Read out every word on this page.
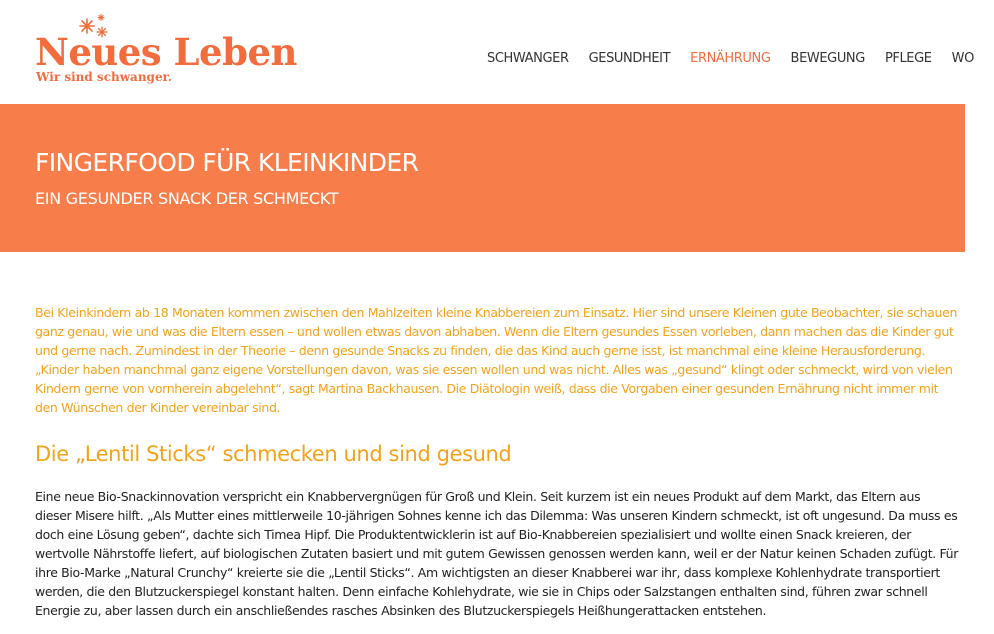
Neues Leben
Wir sind schwanger.
SCHWANGER GESUNDHEIT ERNÄHRUNG BEWEGUNG PFLEGE WO
FINGERFOOD FÜR KLEINKINDER
EIN GESUNDER SNACK DER SCHMECKT

Bei Kleinkindern ab 18 Monaten kommen zwischen den Mahlzeiten kleine Knabbereien zum Einsatz. Hier sind unsere Kleinen gute Beobachter, sie schauen ganz genau, wie und was die Eltern essen – und wollen etwas davon abhaben. Wenn die Eltern gesundes Essen vorleben, dann machen das die Kinder gut und gerne nach. Zumindest in der Theorie – denn gesunde Snacks zu finden, die das Kind auch gerne isst, ist manchmal eine kleine Herausforderung. „Kinder haben manchmal ganz eigene Vorstellungen davon, was sie essen wollen und was nicht. Alles was „gesund“ klingt oder schmeckt, wird von vielen Kindern gerne von vornherein abgelehnt“, sagt Martina Backhausen. Die Diätologin weiß, dass die Vorgaben einer gesunden Ernährung nicht immer mit den Wünschen der Kinder vereinbar sind.

Die „Lentil Sticks“ schmecken und sind gesund

Eine neue Bio-Snackinnovation verspricht ein Knabbervergnügen für Groß und Klein. Seit kurzem ist ein neues Produkt auf dem Markt, das Eltern aus dieser Misere hilft. „Als Mutter eines mittlerweile 10-jährigen Sohnes kenne ich das Dilemma: Was unseren Kindern schmeckt, ist oft ungesund. Da muss es doch eine Lösung geben“, dachte sich Timea Hipf. Die Produktentwicklerin ist auf Bio-Knabbereien spezialisiert und wollte einen Snack kreieren, der wertvolle Nährstoffe liefert, auf biologischen Zutaten basiert und mit gutem Gewissen genossen werden kann, weil er der Natur keinen Schaden zufügt. Für ihre Bio-Marke „Natural Crunchy“ kreierte sie die „Lentil Sticks“. Am wichtigsten an dieser Knabberei war ihr, dass komplexe Kohlenhydrate transportiert werden, die den Blutzuckerspiegel konstant halten. Denn einfache Kohlehydrate, wie sie in Chips oder Salzstangen enthalten sind, führen zwar schnell Energie zu, aber lassen durch ein anschließendes rasches Absinken des Blutzuckerspiegels Heißhungerattacken entstehen.
